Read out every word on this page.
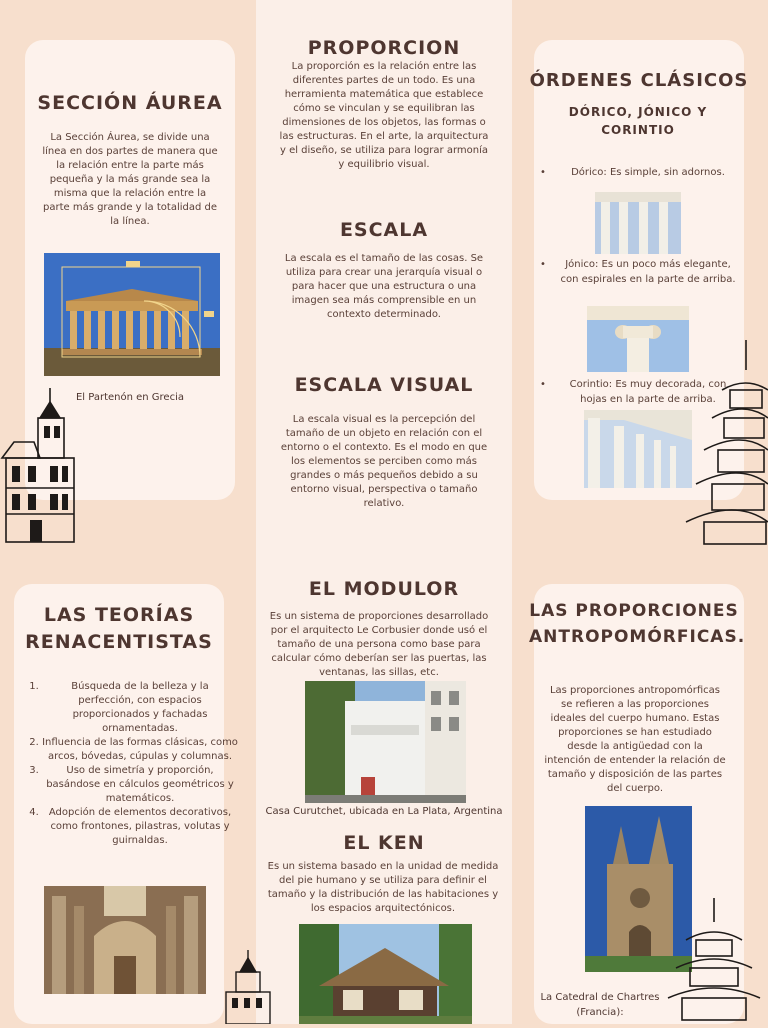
SECCIÓN ÁUREA
La Sección Áurea, se divide una línea en dos partes de manera que la relación entre la parte más pequeña y la más grande sea la misma que la relación entre la parte más grande y la totalidad de la línea.
El Partenón en Grecia
PROPORCION
La proporción es la relación entre las diferentes partes de un todo. Es una herramienta matemática que establece cómo se vinculan y se equilibran las dimensiones de los objetos, las formas o las estructuras. En el arte, la arquitectura y el diseño, se utiliza para lograr armonía y equilibrio visual.
ESCALA
La escala es el tamaño de las cosas. Se utiliza para crear una jerarquía visual o para hacer que una estructura o una imagen sea más comprensible en un contexto determinado.
ESCALA VISUAL
La escala visual es la percepción del tamaño de un objeto en relación con el entorno o el contexto. Es el modo en que los elementos se perciben como más grandes o más pequeños debido a su entorno visual, perspectiva o tamaño relativo.
ÓRDENES CLÁSICOS
DÓRICO, JÓNICO Y CORINTIO
•	Dórico: Es simple, sin adornos.
•	Jónico: Es un poco más elegante, con espirales en la parte de arriba.
•	Corintio: Es muy decorada, con hojas en la parte de arriba.
LAS TEORÍAS RENACENTISTAS
1. Búsqueda de la belleza y la perfección, con espacios proporcionados y fachadas ornamentadas.
2. Influencia de las formas clásicas, como arcos, bóvedas, cúpulas y columnas.
3. Uso de simetría y proporción, basándose en cálculos geométricos y matemáticos.
4. Adopción de elementos decorativos, como frontones, pilastras, volutas y guirnaldas.
EL MODULOR
Es un sistema de proporciones desarrollado por el arquitecto Le Corbusier donde usó el tamaño de una persona como base para calcular cómo deberían ser las puertas, las ventanas, las sillas, etc.
Casa Curutchet, ubicada en La Plata, Argentina
EL KEN
Es un sistema basado en la unidad de medida del pie humano y se utiliza para definir el tamaño y la distribución de las habitaciones y los espacios arquitectónicos.
LAS PROPORCIONES ANTROPOMÓRFICAS.
Las proporciones antropomórficas se refieren a las proporciones ideales del cuerpo humano. Estas proporciones se han estudiado desde la antigüedad con la intención de entender la relación de tamaño y disposición de las partes del cuerpo.
La Catedral de Chartres (Francia):
